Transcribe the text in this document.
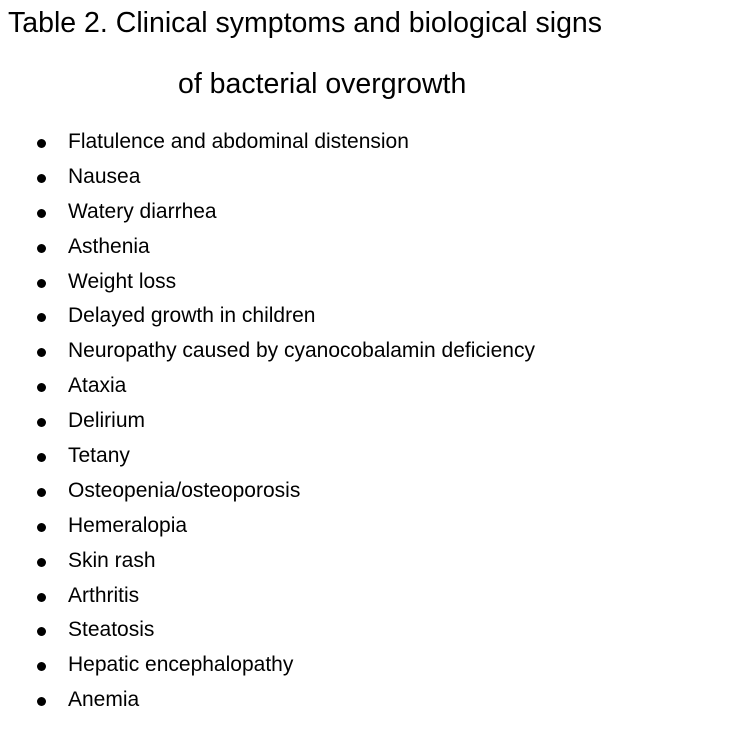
Table 2. Clinical symptoms and biological signs
of bacterial overgrowth
Flatulence and abdominal distension
Nausea
Watery diarrhea
Asthenia
Weight loss
Delayed growth in children
Neuropathy caused by cyanocobalamin deficiency
Ataxia
Delirium
Tetany
Osteopenia/osteoporosis
Hemeralopia
Skin rash
Arthritis
Steatosis
Hepatic encephalopathy
Anemia
